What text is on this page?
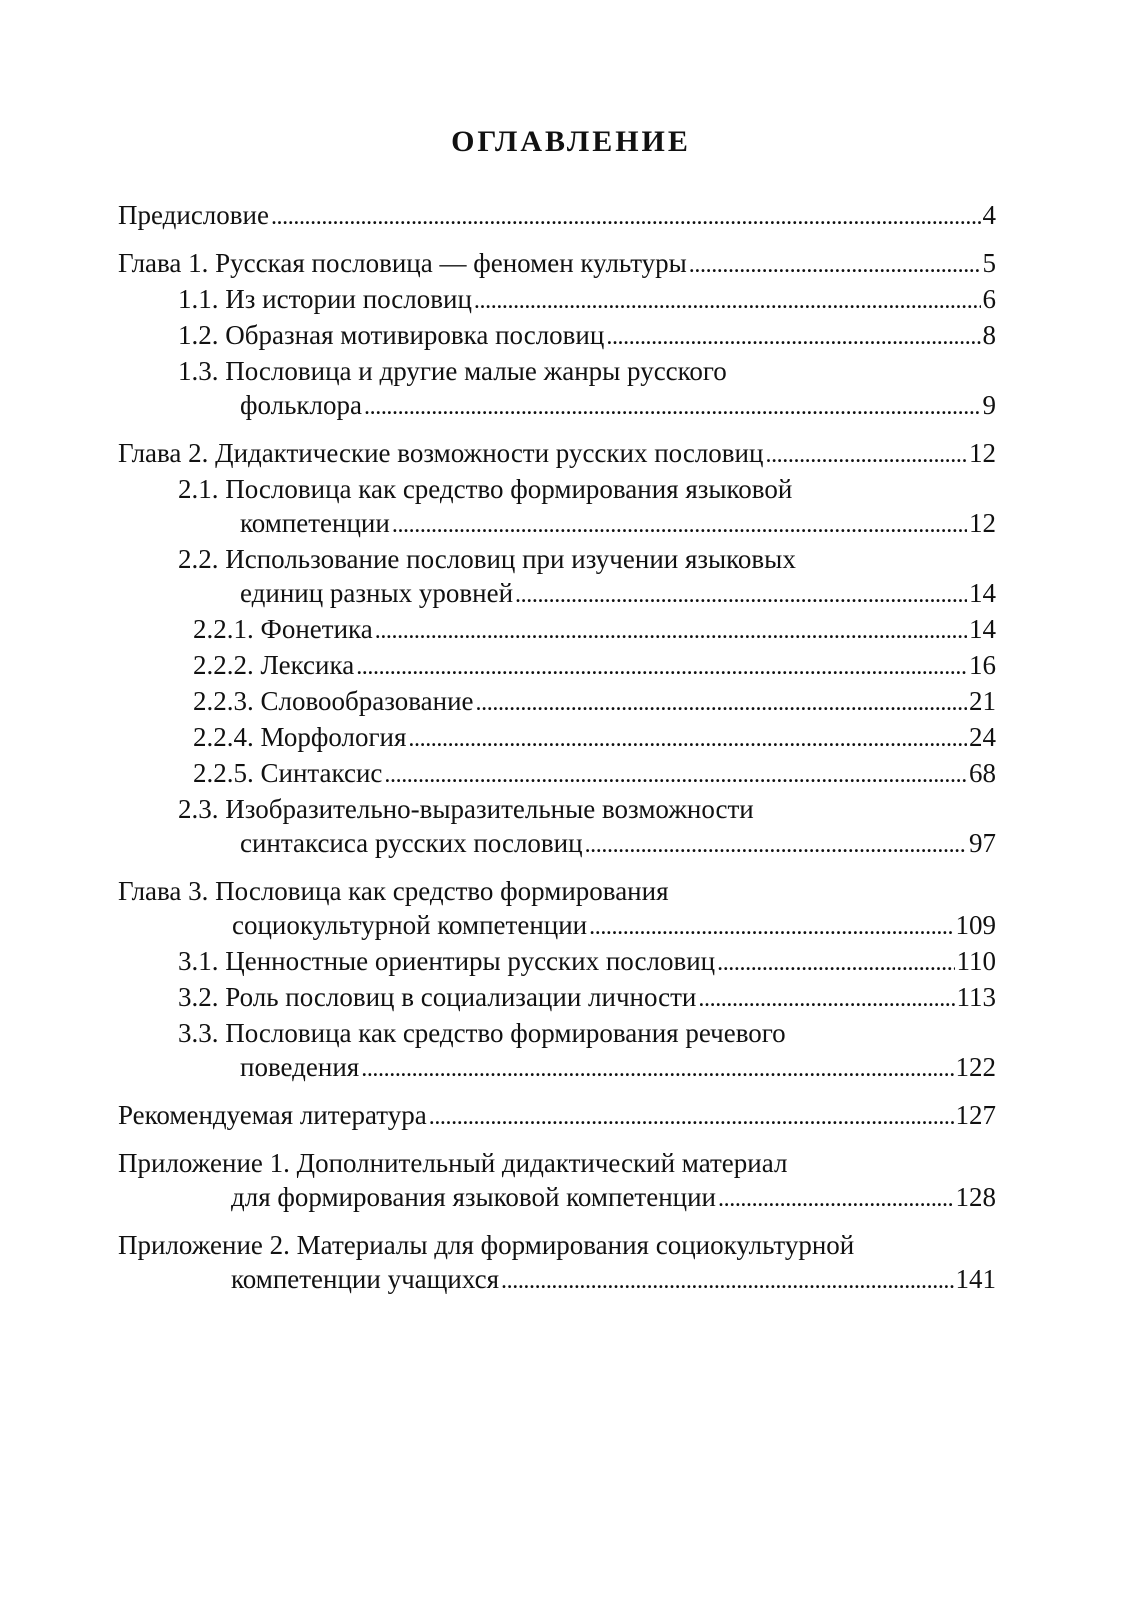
ОГЛАВЛЕНИЕ
Предисловие . . .	4
Глава 1. Русская пословица — феномен культуры . . .	5
1.1. Из истории пословиц . . .	6
1.2. Образная мотивировка пословиц . . .	8
1.3. Пословица и другие малые жанры русского
фольклора . . .	9
Глава 2. Дидактические возможности русских пословиц . . .	12
2.1. Пословица как средство формирования языковой
компетенции . . .	12
2.2. Использование пословиц при изучении языковых
единиц разных уровней . . .	14
2.2.1. Фонетика . . .	14
2.2.2. Лексика . . .	16
2.2.3. Словообразование . . .	21
2.2.4. Морфология . . .	24
2.2.5. Синтаксис . . .	68
2.3. Изобразительно-выразительные возможности
синтаксиса русских пословиц . . .	97
Глава 3. Пословица как средство формирования
социокультурной компетенции . . .	109
3.1. Ценностные ориентиры русских пословиц . . .	110
3.2. Роль пословиц в социализации личности . . .	113
3.3. Пословица как средство формирования речевого
поведения . . .	122
Рекомендуемая литература . . .	127
Приложение 1. Дополнительный дидактический материал
для формирования языковой компетенции . . .	128
Приложение 2. Материалы для формирования социокультурной
компетенции учащихся . . .	141
